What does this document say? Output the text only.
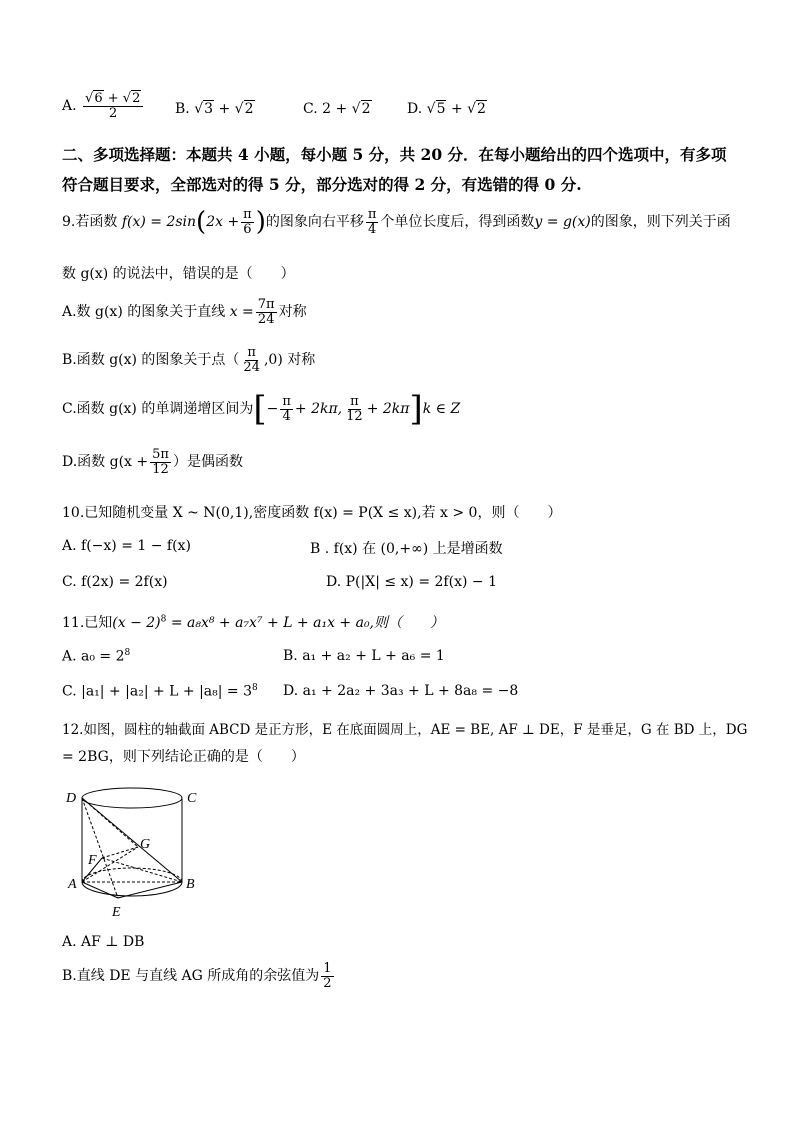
A. $\frac{√6 + √2}{2} B$. √3 + √2	C. 2 + √2	D. √5 + √2
二、多项选择题：本题共 4 小题，每小题 5 分，共 20 分．在每小题给出的四个选项中，有多项
符合题目要求，全部选对的得 5 分，部分选对的得 2 分，有选错的得 0 分.
9.若函数 $f(x) = 2\sin(2x + \frac{\pi}{6}$ )的图象向右平移 $\frac{\pi}{4}$ 个单位长度后，得到函数y = g(x)的图象，则下列关于函
数 g(x) 的说法中，错误的是（　　）
A.数 g(x) 的图象关于直线 $x = \frac{7\pi}{24}$ 对称
B.函数 g(x) 的图象关于点（ $\frac{\pi}{24} ,0$) 对称
C.函数 g(x) 的单调递增区间为[− $\frac{\pi}{4} + 2k\pi$, $\frac{\pi}{12} + 2k\pi]k$ ∈ Z
D.函数 $g(x + \frac{5\pi}{12}$ ）是偶函数
10.已知随机变量 X ~ N(0,1),密度函数 f(x) = P(X ≤ x),若 x > 0，则（　　）
A. f(−x) = 1 − f(x)	B . f(x) 在 (0,+∞) 上是增函数
C. f(2x) = 2f(x)	D. P(|X| ≤ x) = 2f(x) − 1
11.已知$(x - 2)^8 = a_8x^8 + a_7x^7 + L + a_1x + a_0$,则（　　）
A. $a_0 = 2^8$	B. a₁ + a₂ + L + a₆ = 1
C. $|a_1| + |a_2| + L + |a_8| = 3^8$ D. a₁ + 2a₂ + 3a₃ + L + 8a₈ = −8
12.如图，圆柱的轴截面 ABCD 是正方形，E 在底面圆周上，AE = BE, AF ⊥ DE，F 是垂足，G 在 BD 上，DG
= 2BG，则下列结论正确的是（　　）
D	C
G
F
A	B
E
A. AF ⊥ DB
B.直线 DE 与直线 AG 所成角的余弦值为 $\frac{1}{2}$
